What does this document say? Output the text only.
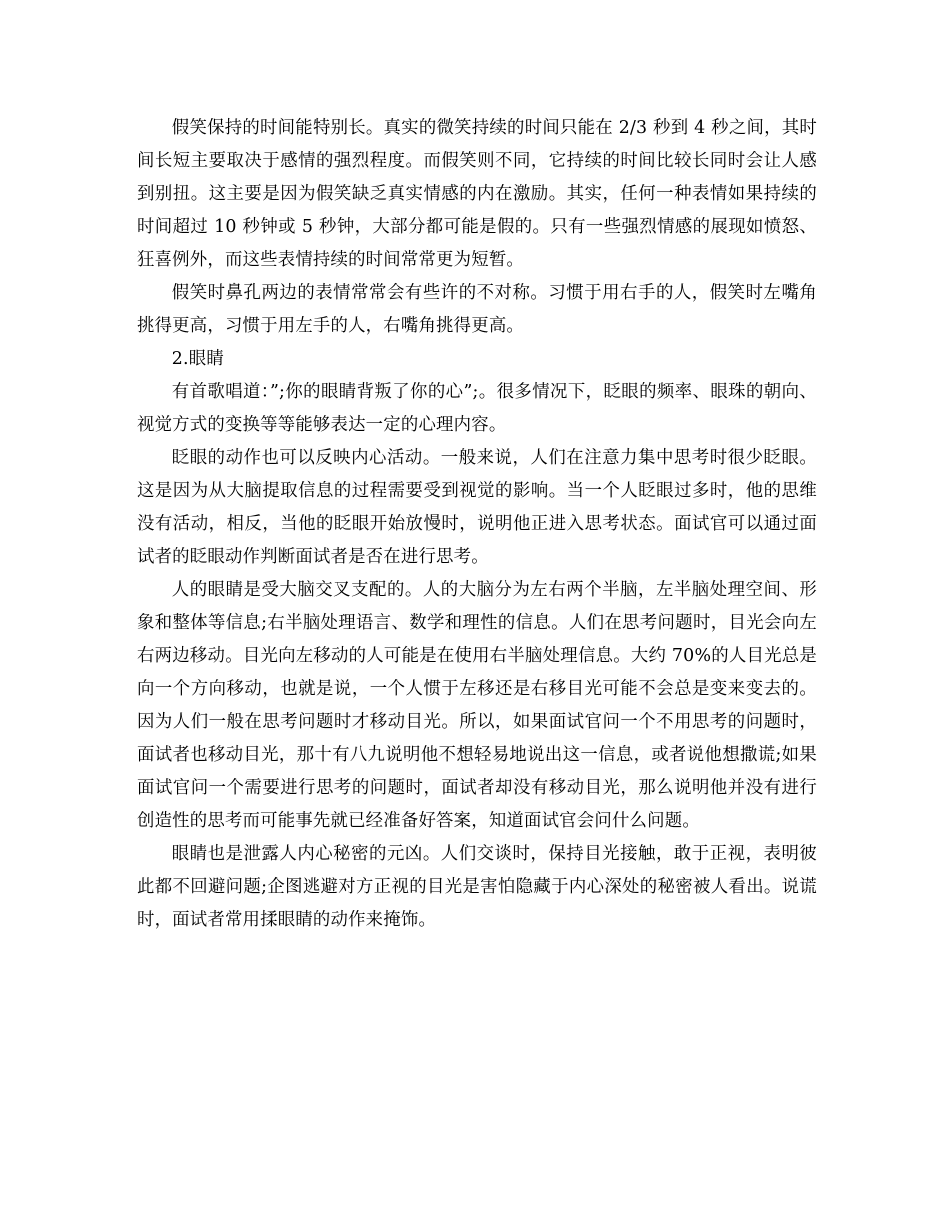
假笑保持的时间能特别长。真实的微笑持续的时间只能在 2/3 秒到 4 秒之间，其时间长短主要取决于感情的强烈程度。而假笑则不同，它持续的时间比较长同时会让人感到别扭。这主要是因为假笑缺乏真实情感的内在激励。其实，任何一种表情如果持续的时间超过 10 秒钟或 5 秒钟，大部分都可能是假的。只有一些强烈情感的展现如愤怒、狂喜例外，而这些表情持续的时间常常更为短暂。

假笑时鼻孔两边的表情常常会有些许的不对称。习惯于用右手的人，假笑时左嘴角挑得更高，习惯于用左手的人，右嘴角挑得更高。

2.眼睛

有首歌唱道：”;你的眼睛背叛了你的心”;。很多情况下，眨眼的频率、眼珠的朝向、视觉方式的变换等等能够表达一定的心理内容。

眨眼的动作也可以反映内心活动。一般来说，人们在注意力集中思考时很少眨眼。这是因为从大脑提取信息的过程需要受到视觉的影响。当一个人眨眼过多时，他的思维没有活动，相反，当他的眨眼开始放慢时，说明他正进入思考状态。面试官可以通过面试者的眨眼动作判断面试者是否在进行思考。

人的眼睛是受大脑交叉支配的。人的大脑分为左右两个半脑，左半脑处理空间、形象和整体等信息;右半脑处理语言、数学和理性的信息。人们在思考问题时，目光会向左右两边移动。目光向左移动的人可能是在使用右半脑处理信息。大约 70%的人目光总是向一个方向移动，也就是说，一个人惯于左移还是右移目光可能不会总是变来变去的。因为人们一般在思考问题时才移动目光。所以，如果面试官问一个不用思考的问题时，面试者也移动目光，那十有八九说明他不想轻易地说出这一信息，或者说他想撒谎;如果面试官问一个需要进行思考的问题时，面试者却没有移动目光，那么说明他并没有进行创造性的思考而可能事先就已经准备好答案，知道面试官会问什么问题。

眼睛也是泄露人内心秘密的元凶。人们交谈时，保持目光接触，敢于正视，表明彼此都不回避问题;企图逃避对方正视的目光是害怕隐藏于内心深处的秘密被人看出。说谎时，面试者常用揉眼睛的动作来掩饰。
